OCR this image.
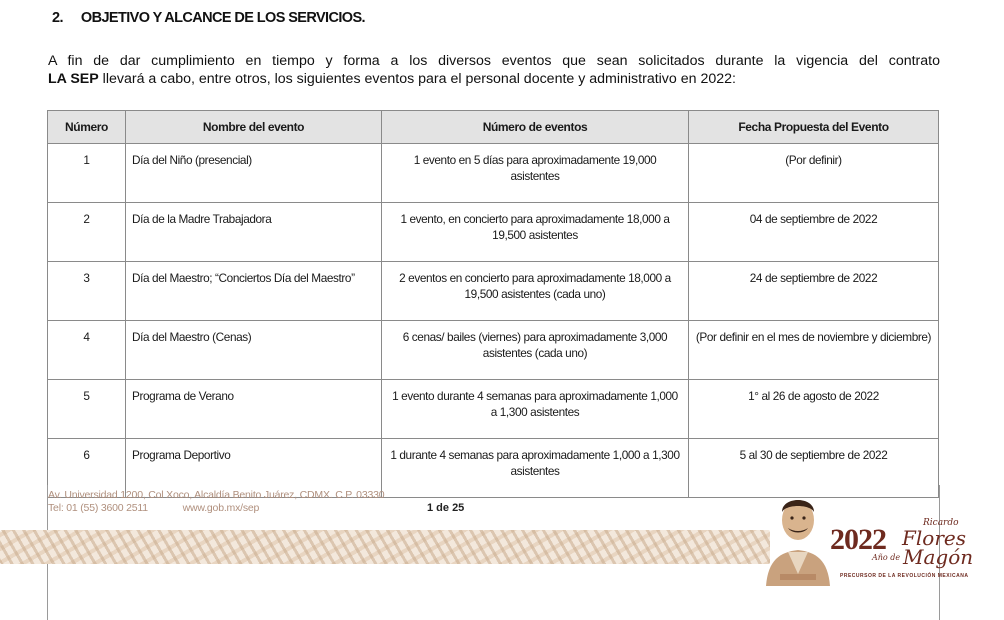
2. OBJETIVO Y ALCANCE DE LOS SERVICIOS.
A fin de dar cumplimiento en tiempo y forma a los diversos eventos que sean solicitados durante la vigencia del contrato
LA SEP llevará a cabo, entre otros, los siguientes eventos para el personal docente y administrativo en 2022:
Número	Nombre del evento	Número de eventos	Fecha Propuesta del Evento
1	Día del Niño (presencial)	1 evento en 5 días para aproximadamente 19,000 asistentes	(Por definir)
2	Día de la Madre Trabajadora	1 evento, en concierto para aproximadamente 18,000 a 19,500 asistentes	04 de septiembre de 2022
3	Día del Maestro; “Conciertos Día del Maestro”	2 eventos en concierto para aproximadamente 18,000 a 19,500 asistentes (cada uno)	24 de septiembre de 2022
4	Día del Maestro (Cenas)	6 cenas/ bailes (viernes) para aproximadamente 3,000 asistentes (cada uno)	(Por definir en el mes de noviembre y diciembre)
5	Programa de Verano	1 evento durante 4 semanas para aproximadamente 1,000 a 1,300 asistentes	1° al 26 de agosto de 2022
6	Programa Deportivo	1 durante 4 semanas para aproximadamente 1,000 a 1,300 asistentes	5 al 30 de septiembre de 2022
Av. Universidad 1200, Col Xoco, Alcaldía Benito Juárez, CDMX. C.P. 03330
Tel: 01 (55) 3600 2511	www.gob.mx/sep	1 de 25
2022	Ricardo
Flores
Año de Magón
PRECURSOR DE LA REVOLUCIÓN MEXICANA
